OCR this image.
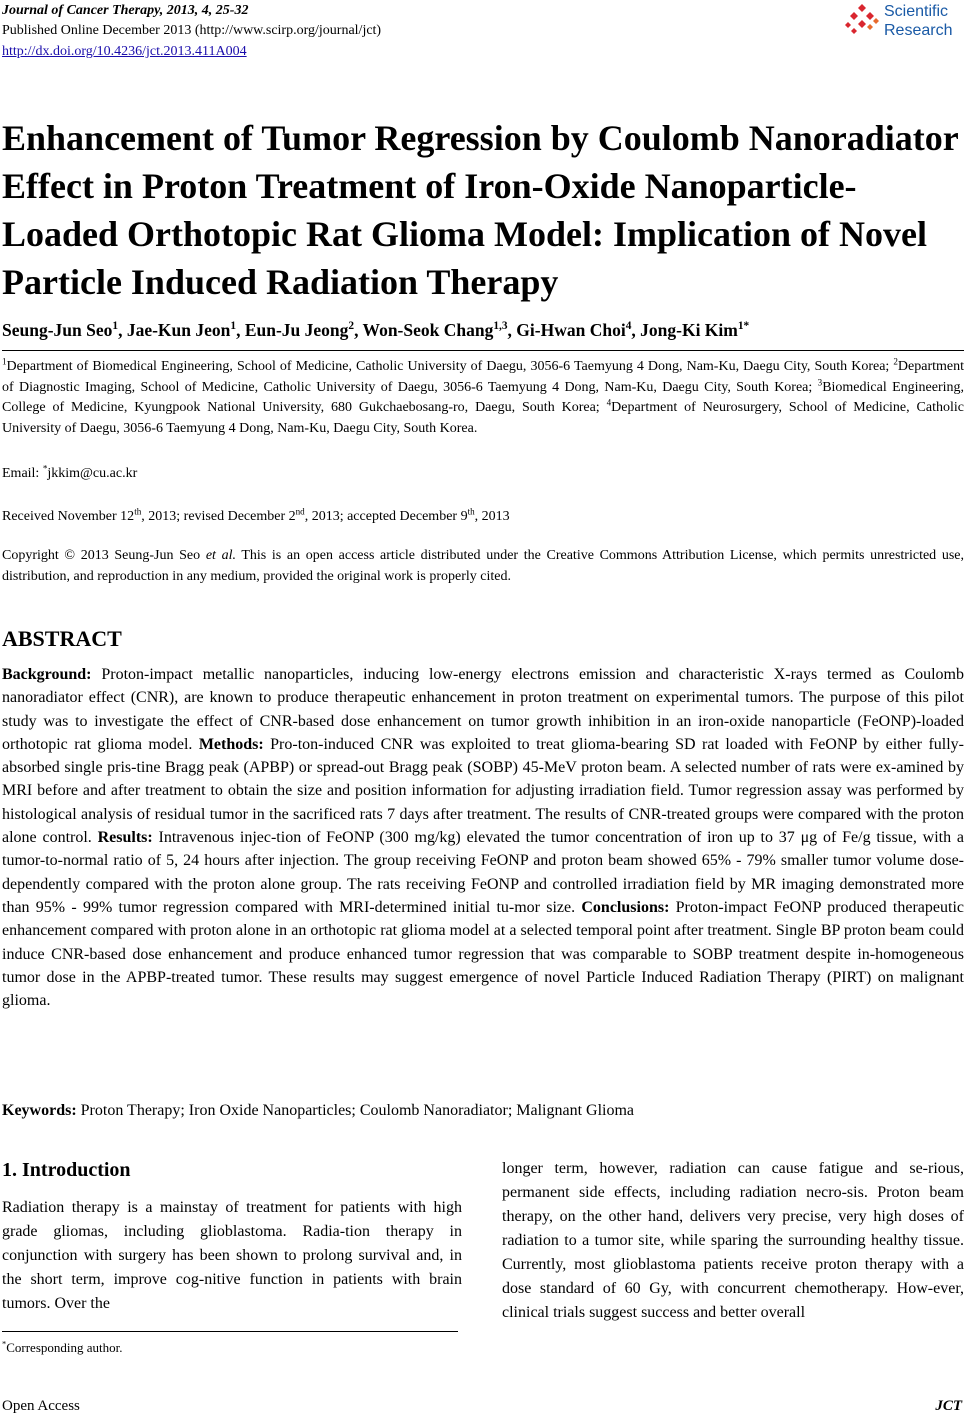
Journal of Cancer Therapy, 2013, 4, 25-32
Published Online December 2013 (http://www.scirp.org/journal/jct)
http://dx.doi.org/10.4236/jct.2013.411A004
Scientific
Research
Enhancement of Tumor Regression by Coulomb Nanoradiator Effect in Proton Treatment of Iron-Oxide Nanoparticle-Loaded Orthotopic Rat Glioma Model: Implication of Novel Particle Induced Radiation Therapy

Seung-Jun Seo$^1$, Jae-Kun Jeon$^1$, Eun-Ju Jeong$^2$, Won-Seok Chang$^{1,3}$, Gi-Hwan Choi$^4$, Jong-Ki Kim$^{1*}$

$^1$Department of Biomedical Engineering, School of Medicine, Catholic University of Daegu, 3056-6 Taemyung 4 Dong, Nam-Ku, Daegu City, South Korea; $^2$Department of Diagnostic Imaging, School of Medicine, Catholic University of Daegu, 3056-6 Taemyung 4 Dong, Nam-Ku, Daegu City, South Korea; $^3$Biomedical Engineering, College of Medicine, Kyungpook National University, 680 Gukchaebosang-ro, Daegu, South Korea; $^4$Department of Neurosurgery, School of Medicine, Catholic University of Daegu, 3056-6 Taemyung 4 Dong, Nam-Ku, Daegu City, South Korea.

Email: *jkkim@cu.ac.kr

Received November 12th, 2013; revised December 2nd, 2013; accepted December 9th, 2013

Copyright © 2013 Seung-Jun Seo et al. This is an open access article distributed under the Creative Commons Attribution License, which permits unrestricted use, distribution, and reproduction in any medium, provided the original work is properly cited.

ABSTRACT

Background: Proton-impact metallic nanoparticles, inducing low-energy electrons emission and characteristic X-rays termed as Coulomb nanoradiator effect (CNR), are known to produce therapeutic enhancement in proton treatment on experimental tumors. The purpose of this pilot study was to investigate the effect of CNR-based dose enhancement on tumor growth inhibition in an iron-oxide nanoparticle (FeONP)-loaded orthotopic rat glioma model. Methods: Pro-ton-induced CNR was exploited to treat glioma-bearing SD rat loaded with FeONP by either fully-absorbed single pris-tine Bragg peak (APBP) or spread-out Bragg peak (SOBP) 45-MeV proton beam. A selected number of rats were ex-amined by MRI before and after treatment to obtain the size and position information for adjusting irradiation field. Tumor regression assay was performed by histological analysis of residual tumor in the sacrificed rats 7 days after treatment. The results of CNR-treated groups were compared with the proton alone control. Results: Intravenous injec-tion of FeONP (300 mg/kg) elevated the tumor concentration of iron up to 37 μg of Fe/g tissue, with a tumor-to-normal ratio of 5, 24 hours after injection. The group receiving FeONP and proton beam showed 65% - 79% smaller tumor volume dose-dependently compared with the proton alone group. The rats receiving FeONP and controlled irradiation field by MR imaging demonstrated more than 95% - 99% tumor regression compared with MRI-determined initial tu-mor size. Conclusions: Proton-impact FeONP produced therapeutic enhancement compared with proton alone in an orthotopic rat glioma model at a selected temporal point after treatment. Single BP proton beam could induce CNR-based dose enhancement and produce enhanced tumor regression that was comparable to SOBP treatment despite in-homogeneous tumor dose in the APBP-treated tumor. These results may suggest emergence of novel Particle Induced Radiation Therapy (PIRT) on malignant glioma.

Keywords: Proton Therapy; Iron Oxide Nanoparticles; Coulomb Nanoradiator; Malignant Glioma

1. Introduction

Radiation therapy is a mainstay of treatment for patients with high grade gliomas, including glioblastoma. Radia-tion therapy in conjunction with surgery has been shown to prolong survival and, in the short term, improve cog-nitive function in patients with brain tumors. Over the

longer term, however, radiation can cause fatigue and se-rious, permanent side effects, including radiation necro-sis. Proton beam therapy, on the other hand, delivers very precise, very high doses of radiation to a tumor site, while sparing the surrounding healthy tissue. Currently, most glioblastoma patients receive proton therapy with a dose standard of 60 Gy, with concurrent chemotherapy. How-ever, clinical trials suggest success and better overall

*Corresponding author.

Open Access	JCT
